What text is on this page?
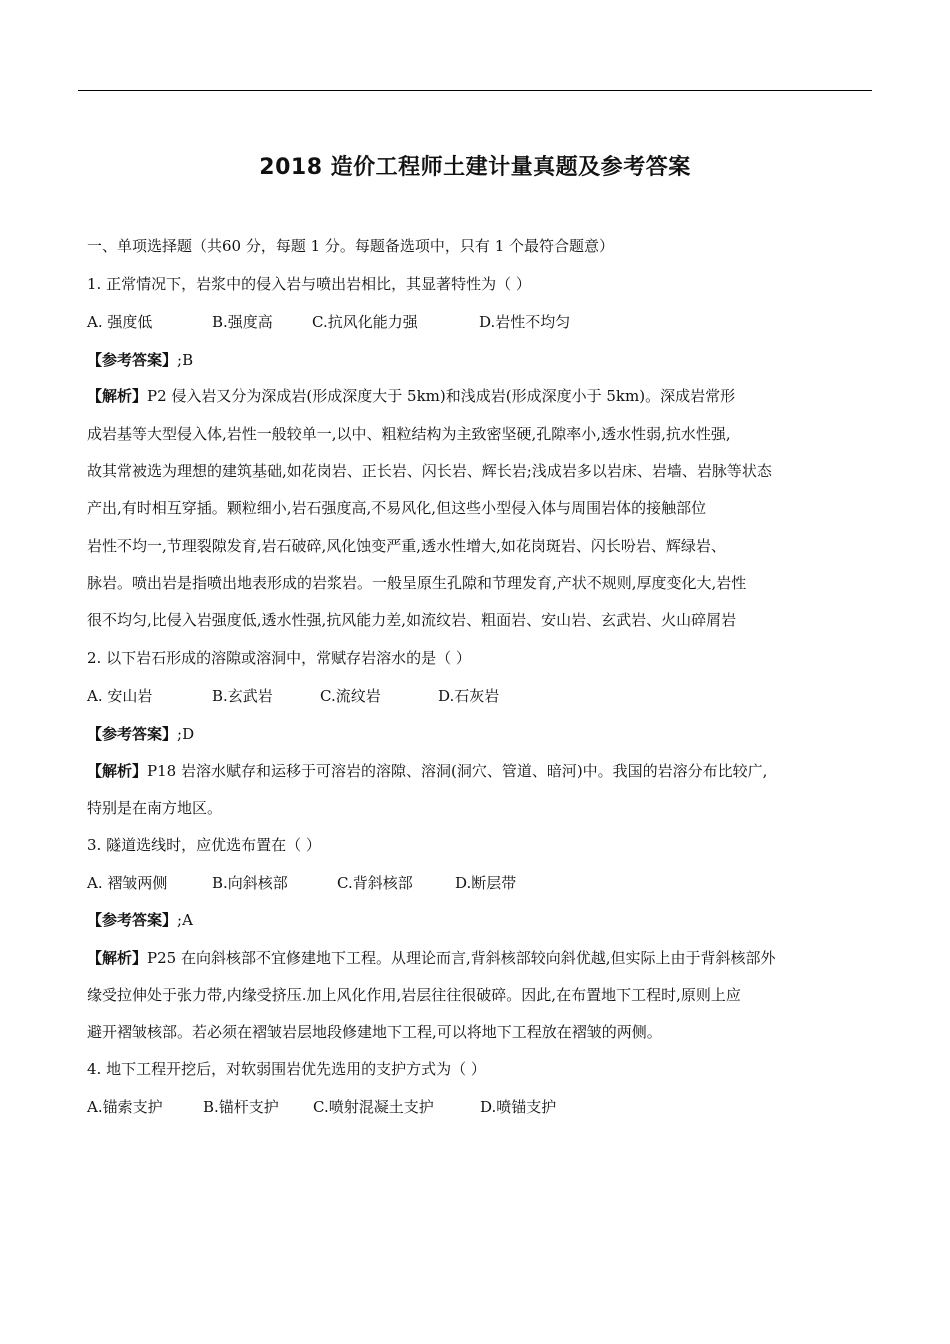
2018 造价工程师土建计量真题及参考答案
一、单项选择题（共60 分，每题 1 分。每题备选项中，只有 1 个最符合题意）
1. 正常情况下，岩浆中的侵入岩与喷出岩相比，其显著特性为（ ）
A. 强度低	B.强度高	C.抗风化能力强	D.岩性不均匀
【参考答案】;B
【解析】P2 侵入岩又分为深成岩(形成深度大于 5km)和浅成岩(形成深度小于 5km)。深成岩常形
成岩基等大型侵入体,岩性一般较单一,以中、粗粒结构为主致密坚硬,孔隙率小,透水性弱,抗水性强,
故其常被选为理想的建筑基础,如花岗岩、正长岩、闪长岩、辉长岩;浅成岩多以岩床、岩墙、岩脉等状态
产出,有时相互穿插。颗粒细小,岩石强度高,不易风化,但这些小型侵入体与周围岩体的接触部位
岩性不均一,节理裂隙发育,岩石破碎,风化蚀变严重,透水性增大,如花岗斑岩、闪长吩岩、辉绿岩、
脉岩。喷出岩是指喷出地表形成的岩浆岩。一般呈原生孔隙和节理发育,产状不规则,厚度变化大,岩性
很不均匀,比侵入岩强度低,透水性强,抗风能力差,如流纹岩、粗面岩、安山岩、玄武岩、火山碎屑岩
2. 以下岩石形成的溶隙或溶洞中，常赋存岩溶水的是（ ）
A. 安山岩	B.玄武岩	C.流纹岩	D.石灰岩
【参考答案】;D
【解析】P18 岩溶水赋存和运移于可溶岩的溶隙、溶洞(洞穴、管道、暗河)中。我国的岩溶分布比较广,
特别是在南方地区。
3. 隧道选线时，应优选布置在（ ）
A. 褶皱两侧	B.向斜核部	C.背斜核部	D.断层带
【参考答案】;A
【解析】P25 在向斜核部不宜修建地下工程。从理论而言,背斜核部较向斜优越,但实际上由于背斜核部外
缘受拉伸处于张力带,内缘受挤压.加上风化作用,岩层往往很破碎。因此,在布置地下工程时,原则上应
避开褶皱核部。若必须在褶皱岩层地段修建地下工程,可以将地下工程放在褶皱的两侧。
4. 地下工程开挖后，对软弱围岩优先选用的支护方式为（ ）
A.锚索支护	B.锚杆支护 C.喷射混凝土支护	D.喷锚支护
